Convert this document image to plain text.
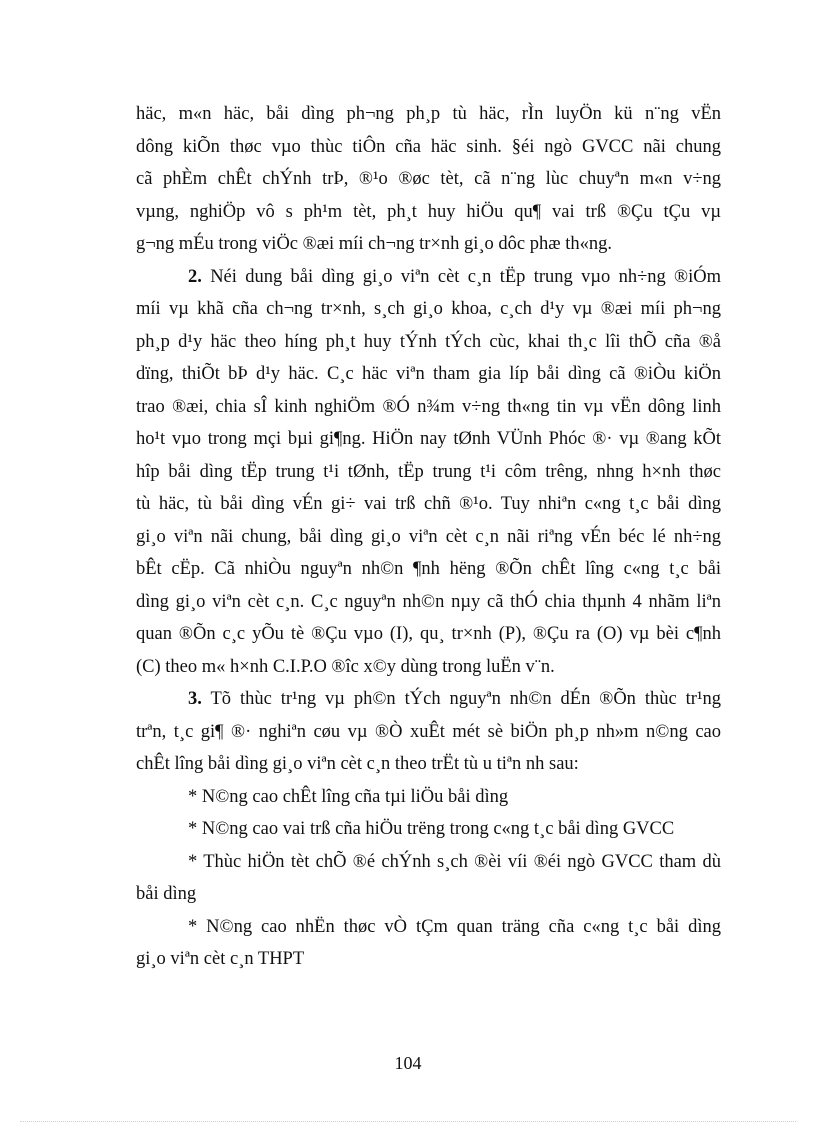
häc, m«n häc, båi dìng ph¬ng ph¸p tù häc, rÌn luyÖn kü n¨ng vËn

dông kiÕn thøc vµo thùc tiÔn cña häc sinh. §éi ngò GVCC nãi chung

cã phÈm chÊt chÝnh trÞ, ®¹o ®øc tèt, cã n¨ng lùc chuyªn m«n v÷ng

vµng, nghiÖp vô s ph¹m tèt, ph¸t huy hiÖu qu¶ vai trß ®Çu tÇu vµ

g¬ng mÉu trong viÖc ®æi míi ch¬ng tr×nh gi¸o dôc phæ th«ng.

2. Néi dung båi dìng gi¸o viªn cèt c¸n tËp trung vµo nh÷ng ®iÓm

míi vµ khã cña ch¬ng tr×nh, s¸ch gi¸o khoa, c¸ch d¹y vµ ®æi míi ph¬ng

ph¸p d¹y häc theo híng ph¸t huy tÝnh tÝch cùc, khai th¸c lîi thÕ cña ®å

dïng, thiÕt bÞ d¹y häc. C¸c häc viªn tham gia líp båi dìng cã ®iÒu kiÖn

trao ®æi, chia sÎ kinh nghiÖm ®Ó n¾m v÷ng th«ng tin vµ vËn dông linh

ho¹t vµo trong mçi bµi gi¶ng. HiÖn nay tØnh VÜnh Phóc ®· vµ ®ang kÕt

hîp båi dìng tËp trung t¹i tØnh, tËp trung t¹i côm trêng, nhng h×nh thøc

tù häc, tù båi dìng vÉn gi÷ vai trß chñ ®¹o. Tuy nhiªn c«ng t¸c båi dìng

gi¸o viªn nãi chung, båi dìng gi¸o viªn cèt c¸n nãi riªng vÉn béc lé nh÷ng

bÊt cËp. Cã nhiÒu nguyªn nh©n ¶nh hëng ®Õn chÊt lîng c«ng t¸c båi

dìng gi¸o viªn cèt c¸n. C¸c nguyªn nh©n nµy cã thÓ chia thµnh 4 nhãm liªn

quan ®Õn c¸c yÕu tè ®Çu vµo (I), qu¸ tr×nh (P), ®Çu ra (O) vµ bèi c¶nh

(C) theo m« h×nh C.I.P.O ®îc x©y dùng trong luËn v¨n.

3. Tõ thùc tr¹ng vµ ph©n tÝch nguyªn nh©n dÉn ®Õn thùc tr¹ng

trªn, t¸c gi¶ ®· nghiªn cøu vµ ®Ò xuÊt mét sè biÖn ph¸p nh»m n©ng cao

chÊt lîng båi dìng gi¸o viªn cèt c¸n theo trËt tù u tiªn nh sau:

* N©ng cao chÊt lîng cña tµi liÖu båi dìng

* N©ng cao vai trß cña hiÖu trëng trong c«ng t¸c båi dìng GVCC

* Thùc hiÖn tèt chÕ ®é chÝnh s¸ch ®èi víi ®éi ngò GVCC tham dù

båi dìng

* N©ng cao nhËn thøc vÒ tÇm quan träng cña c«ng t¸c båi dìng

gi¸o viªn cèt c¸n THPT

104
